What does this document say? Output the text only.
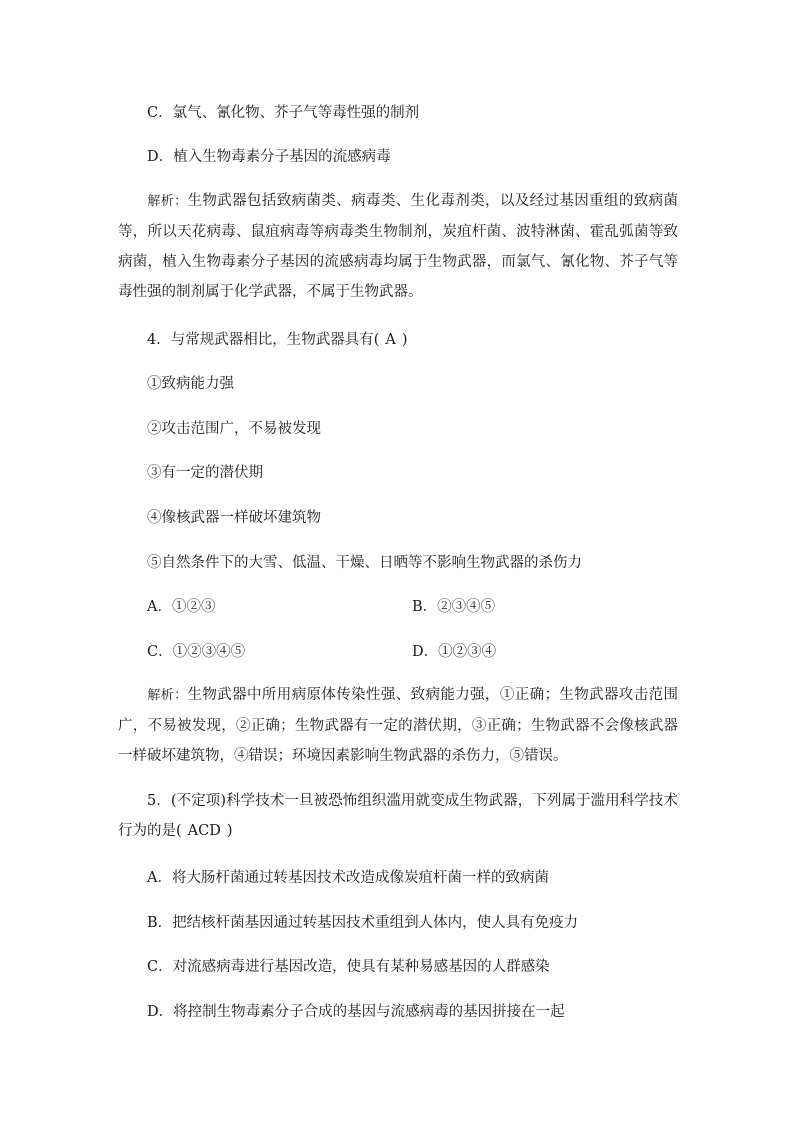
C．氯气、氰化物、芥子气等毒性强的制剂
D．植入生物毒素分子基因的流感病毒
解析：生物武器包括致病菌类、病毒类、生化毒剂类，以及经过基因重组的致病菌等，所以天花病毒、鼠疽病毒等病毒类生物制剂，炭疽杆菌、波特淋菌、霍乱弧菌等致病菌，植入生物毒素分子基因的流感病毒均属于生物武器，而氯气、氰化物、芥子气等毒性强的制剂属于化学武器，不属于生物武器。
4．与常规武器相比，生物武器具有( A )
①致病能力强
②攻击范围广，不易被发现
③有一定的潜伏期
④像核武器一样破坏建筑物
⑤自然条件下的大雪、低温、干燥、日晒等不影响生物武器的杀伤力
A．①②③	B．②③④⑤
C．①②③④⑤	D．①②③④
解析：生物武器中所用病原体传染性强、致病能力强，①正确；生物武器攻击范围广，不易被发现，②正确；生物武器有一定的潜伏期，③正确；生物武器不会像核武器一样破坏建筑物，④错误；环境因素影响生物武器的杀伤力，⑤错误。
5．(不定项)科学技术一旦被恐怖组织滥用就变成生物武器，下列属于滥用科学技术行为的是( ACD )
A．将大肠杆菌通过转基因技术改造成像炭疽杆菌一样的致病菌
B．把结核杆菌基因通过转基因技术重组到人体内，使人具有免疫力
C．对流感病毒进行基因改造，使具有某种易感基因的人群感染
D．将控制生物毒素分子合成的基因与流感病毒的基因拼接在一起
